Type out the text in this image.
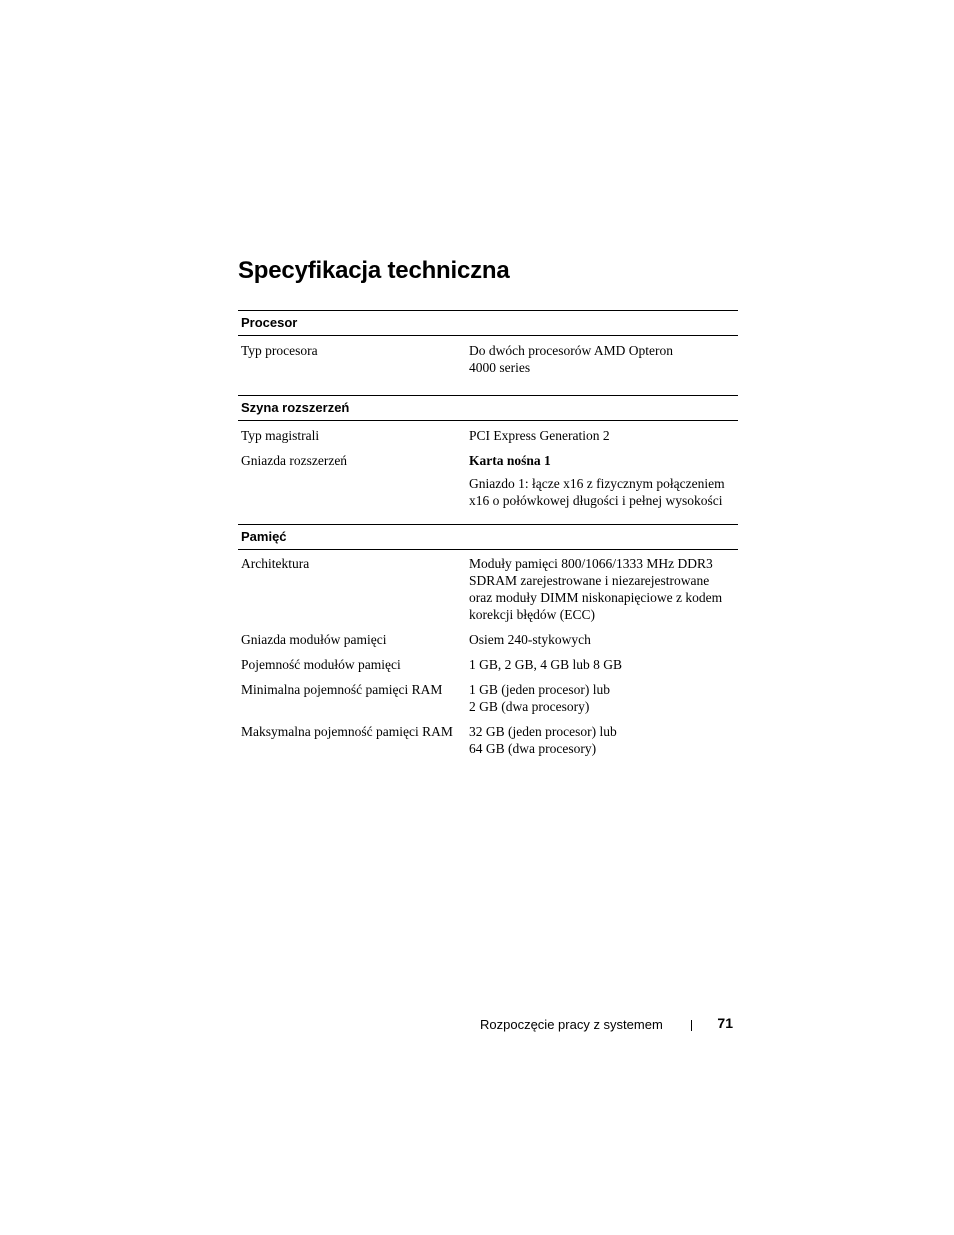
Specyfikacja techniczna
Procesor
Typ procesora	Do dwóch procesorów AMD Opteron

4000 series

Szyna rozszerzeń
Typ magistrali	PCI Express Generation 2

Gniazda rozszerzeń	Karta nośna 1

Gniazdo 1: łącze x16 z fizycznym połączeniem

x16 o połówkowej długości i pełnej wysokości

Pamięć
Architektura	Moduły pamięci 800/1066/1333 MHz DDR3

SDRAM zarejestrowane i niezarejestrowane

oraz moduły DIMM niskonapięciowe z kodem

korekcji błędów (ECC)

Gniazda modułów pamięci	Osiem 240-stykowych

Pojemność modułów pamięci	1 GB, 2 GB, 4 GB lub 8 GB

Minimalna pojemność pamięci RAM	1 GB (jeden procesor) lub

2 GB (dwa procesory)

Maksymalna pojemność pamięci RAM	32 GB (jeden procesor) lub

64 GB (dwa procesory)

Rozpoczęcie pracy z systemem	71
